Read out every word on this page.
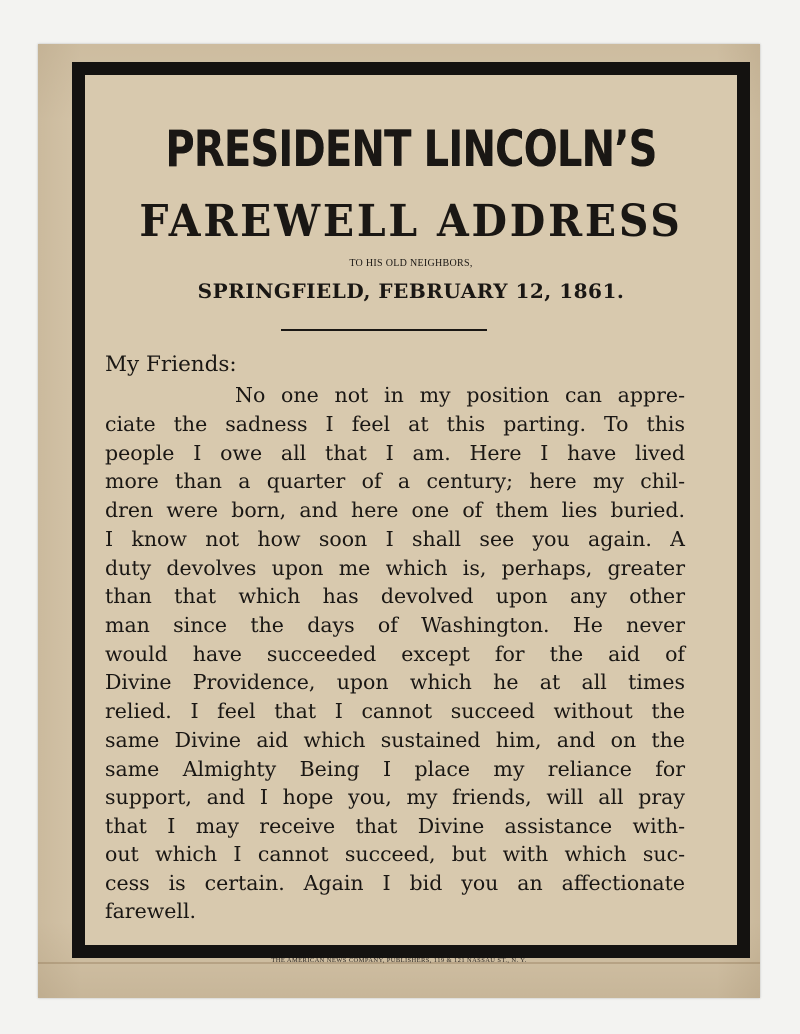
PRESIDENT LINCOLN’S
FAREWELL ADDRESS
TO HIS OLD NEIGHBORS,
SPRINGFIELD, FEBRUARY 12, 1861.
My Friends:
No one not in my position can appre-
ciate the sadness I feel at this parting. To this
people I owe all that I am. Here I have lived
more than a quarter of a century; here my chil-
dren were born, and here one of them lies buried.
I know not how soon I shall see you again. A
duty devolves upon me which is, perhaps, greater
than that which has devolved upon any other
man since the days of Washington. He never
would have succeeded except for the aid of
Divine Providence, upon which he at all times
relied. I feel that I cannot succeed without the
same Divine aid which sustained him, and on the
same Almighty Being I place my reliance for
support, and I hope you, my friends, will all pray
that I may receive that Divine assistance with-
out which I cannot succeed, but with which suc-
cess is certain. Again I bid you an affectionate
farewell.
THE AMERICAN NEWS COMPANY, PUBLISHERS, 119 & 121 NASSAU ST., N. Y.
